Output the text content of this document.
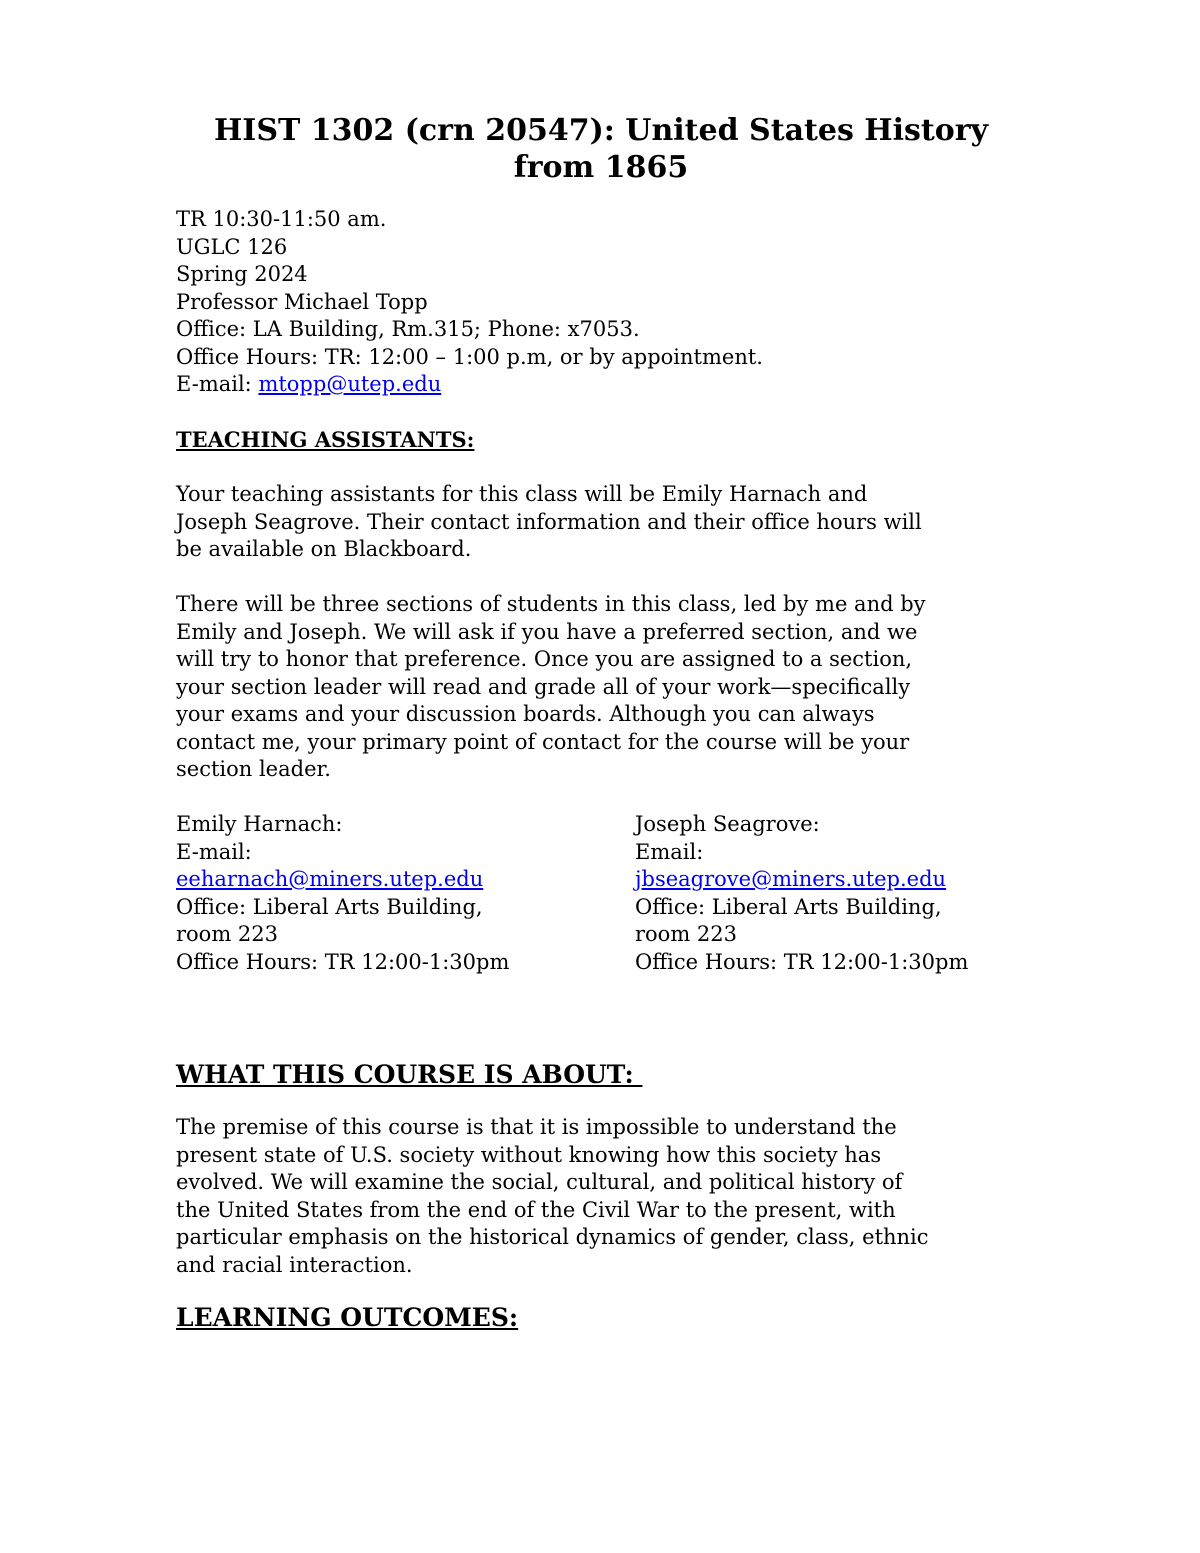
HIST 1302 (crn 20547): United States History
from 1865
TR 10:30-11:50 am.
UGLC 126
Spring 2024
Professor Michael Topp
Office: LA Building, Rm.315; Phone: x7053.
Office Hours: TR: 12:00 – 1:00 p.m, or by appointment.
E-mail: mtopp@utep.edu
TEACHING ASSISTANTS:
Your teaching assistants for this class will be Emily Harnach and
Joseph Seagrove. Their contact information and their office hours will
be available on Blackboard.
There will be three sections of students in this class, led by me and by
Emily and Joseph. We will ask if you have a preferred section, and we
will try to honor that preference. Once you are assigned to a section,
your section leader will read and grade all of your work—specifically
your exams and your discussion boards. Although you can always
contact me, your primary point of contact for the course will be your
section leader.
Emily Harnach:
E-mail:
eeharnach@miners.utep.edu
Office: Liberal Arts Building,
room 223
Office Hours: TR 12:00-1:30pm
Joseph Seagrove:
Email:
jbseagrove@miners.utep.edu
Office: Liberal Arts Building,
room 223
Office Hours: TR 12:00-1:30pm
WHAT THIS COURSE IS ABOUT:
The premise of this course is that it is impossible to understand the
present state of U.S. society without knowing how this society has
evolved. We will examine the social, cultural, and political history of
the United States from the end of the Civil War to the present, with
particular emphasis on the historical dynamics of gender, class, ethnic
and racial interaction.
LEARNING OUTCOMES:
